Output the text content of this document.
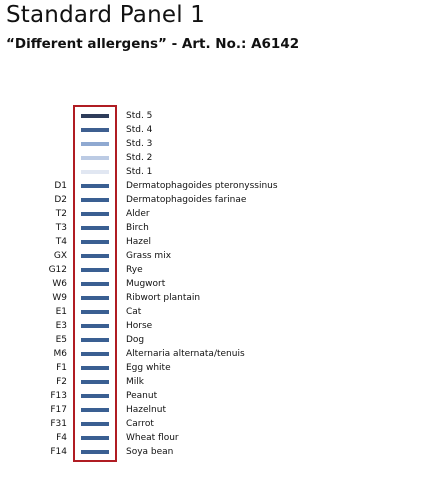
Standard Panel 1
“Different allergens” - Art. No.: A6142
Std. 5
Std. 4
Std. 3
Std. 2
Std. 1
D1	Dermatophagoides pteronyssinus
D2	Dermatophagoides farinae
T2	Alder
T3	Birch
T4	Hazel
GX	Grass mix
G12	Rye
W6	Mugwort
W9	Ribwort plantain
E1	Cat
E3	Horse
E5	Dog
M6	Alternaria alternata/tenuis
F1	Egg white
F2	Milk
F13	Peanut
F17	Hazelnut
F31	Carrot
F4	Wheat flour
F14	Soya bean
